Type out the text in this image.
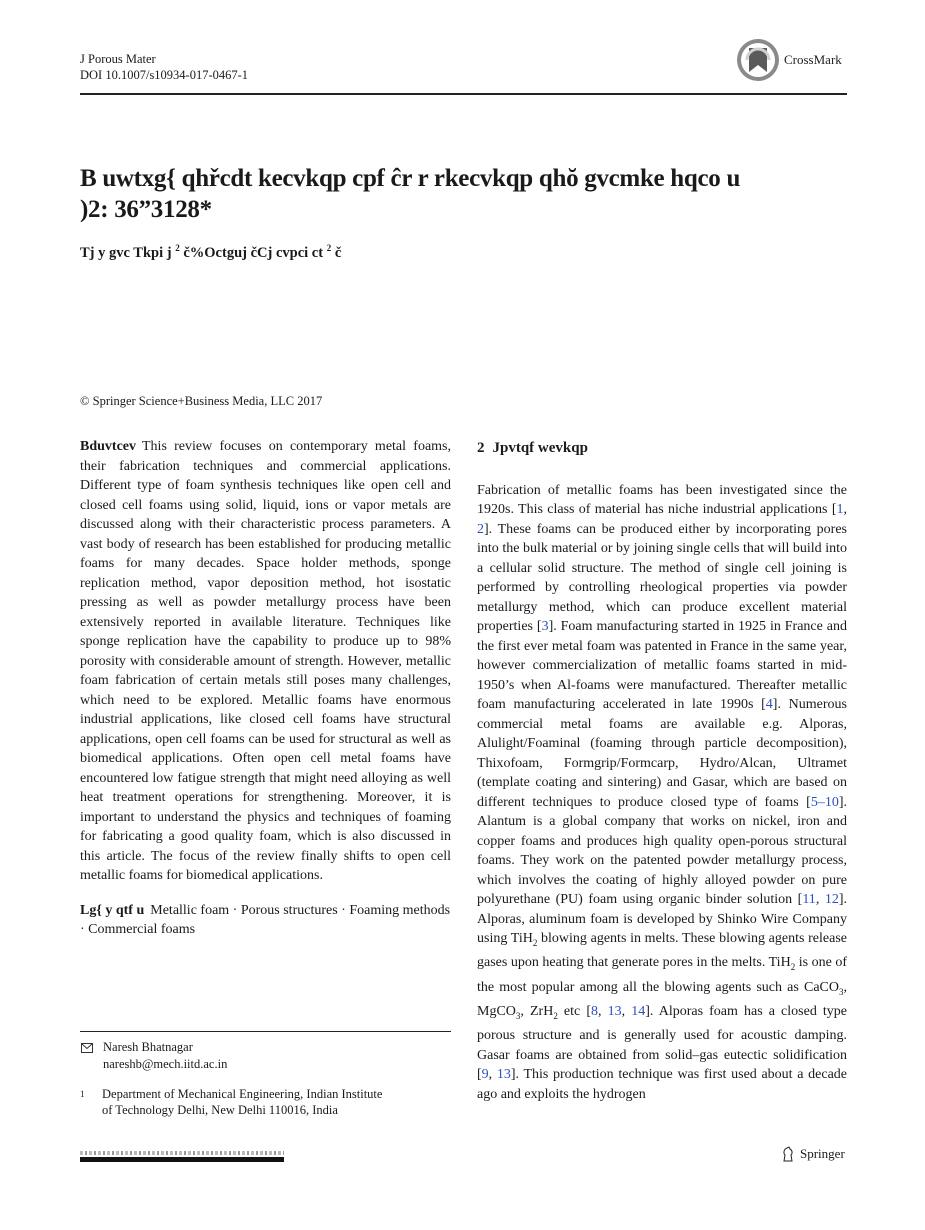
J Porous Mater
DOI 10.1007/s10934-017-0467-1
CrossMark
B uwtxg{ qhřcdt kecvkqp cpf ĉr r rkecvkqp qhŏ gvcmke hqco u
)2: 36”3128*
Tj y gvc Tkpi j $^2$ č%Octguj čCj cvpci ct $^2$ č
© Springer Science+Business Media, LLC 2017

Bduvtcev This review focuses on contemporary metal foams, their fabrication techniques and commercial applications. Different type of foam synthesis techniques like open cell and closed cell foams using solid, liquid, ions or vapor metals are discussed along with their characteristic process parameters. A vast body of research has been established for producing metallic foams for many decades. Space holder methods, sponge replication method, vapor deposition method, hot isostatic pressing as well as powder metallurgy process have been extensively reported in available literature. Techniques like sponge replication have the capability to produce up to 98% porosity with considerable amount of strength. However, metallic foam fabrication of certain metals still poses many challenges, which need to be explored. Metallic foams have enormous industrial applications, like closed cell foams have structural applications, open cell foams can be used for structural as well as biomedical applications. Often open cell metal foams have encountered low fatigue strength that might need alloying as well heat treatment operations for strengthening. Moreover, it is important to understand the physics and techniques of foaming for fabricating a good quality foam, which is also discussed in this article. The focus of the review finally shifts to open cell metallic foams for biomedical applications.

Lg{ y qtf u Metallic foam · Porous structures · Foaming methods · Commercial foams

Naresh Bhatnagar
nareshb@mech.iitd.ac.in
1	Department of Mechanical Engineering, Indian Institute
of Technology Delhi, New Delhi 110016, India
2 Jpvtqf wevkqp

Fabrication of metallic foams has been investigated since the 1920s. This class of material has niche industrial applications [1, 2]. These foams can be produced either by incorporating pores into the bulk material or by joining single cells that will build into a cellular solid structure. The method of single cell joining is performed by controlling rheological properties via powder metallurgy method, which can produce excellent material properties [3]. Foam manufacturing started in 1925 in France and the first ever metal foam was patented in France in the same year, however commercialization of metallic foams started in mid-1950’s when Al-foams were manufactured. Thereafter metallic foam manufacturing accelerated in late 1990s [4]. Numerous commercial metal foams are available e.g. Alporas, Alulight/Foaminal (foaming through particle decomposition), Thixofoam, Formgrip/Formcarp, Hydro/Alcan, Ultramet (template coating and sintering) and Gasar, which are based on different techniques to produce closed type of foams [5–10]. Alantum is a global company that works on nickel, iron and copper foams and produces high quality open-porous structural foams. They work on the patented powder metallurgy process, which involves the coating of highly alloyed powder on pure polyurethane (PU) foam using organic binder solution [11, 12]. Alporas, aluminum foam is developed by Shinko Wire Company using TiH$_2$ blowing agents in melts. These blowing agents release gases upon heating that generate pores in the melts. TiH$_2$ is one of the most popular among all the blowing agents such as CaCO$_3$, MgCO$_3$, ZrH$_2$ etc [8, 13, 14]. Alporas foam has a closed type porous structure and is generally used for acoustic damping. Gasar foams are obtained from solid–gas eutectic solidification [9, 13]. This production technique was first used about a decade ago and exploits the hydrogen

Springer
